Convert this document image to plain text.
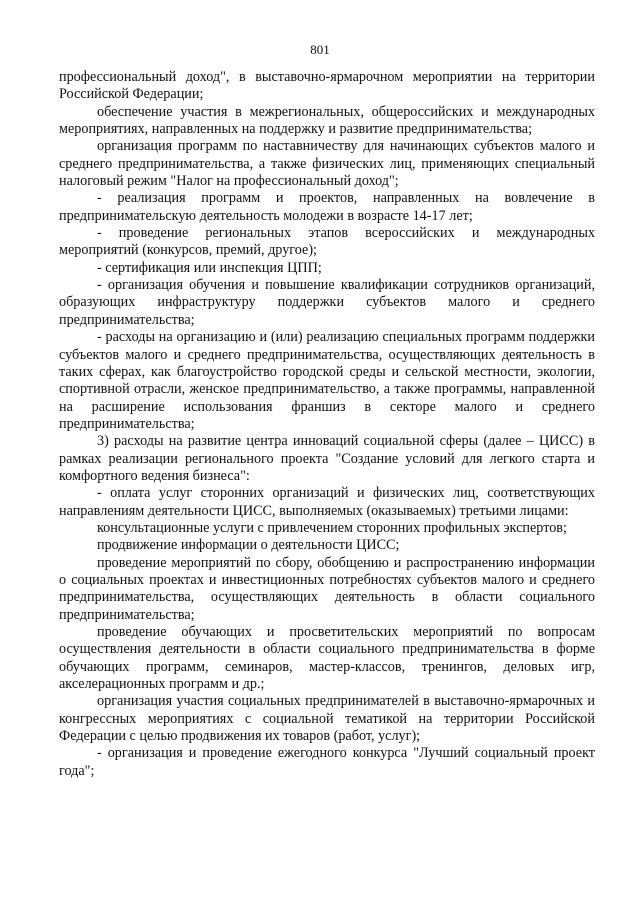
801

профессиональный доход", в выставочно-ярмарочном мероприятии на территории Российской Федерации;

обеспечение участия в межрегиональных, общероссийских и международных мероприятиях, направленных на поддержку и развитие предпринимательства;

организация программ по наставничеству для начинающих субъектов малого и среднего предпринимательства, а также физических лиц, применяющих специальный налоговый режим "Налог на профессиональный доход";

- реализация программ и проектов, направленных на вовлечение в предпринимательскую деятельность молодежи в возрасте 14-17 лет;

- проведение региональных этапов всероссийских и международных мероприятий (конкурсов, премий, другое);

- сертификация или инспекция ЦПП;

- организация обучения и повышение квалификации сотрудников организаций, образующих инфраструктуру поддержки субъектов малого и среднего предпринимательства;

- расходы на организацию и (или) реализацию специальных программ поддержки субъектов малого и среднего предпринимательства, осуществляющих деятельность в таких сферах, как благоустройство городской среды и сельской местности, экологии, спортивной отрасли, женское предпринимательство, а также программы, направленной на расширение использования франшиз в секторе малого и среднего предпринимательства;

3) расходы на развитие центра инноваций социальной сферы (далее – ЦИСС) в рамках реализации регионального проекта "Создание условий для легкого старта и комфортного ведения бизнеса":

- оплата услуг сторонних организаций и физических лиц, соответствующих направлениям деятельности ЦИСС, выполняемых (оказываемых) третьими лицами:

консультационные услуги с привлечением сторонних профильных экспертов;

продвижение информации о деятельности ЦИСС;

проведение мероприятий по сбору, обобщению и распространению информации о социальных проектах и инвестиционных потребностях субъектов малого и среднего предпринимательства, осуществляющих деятельность в области социального предпринимательства;

проведение обучающих и просветительских мероприятий по вопросам осуществления деятельности в области социального предпринимательства в форме обучающих программ, семинаров, мастер-классов, тренингов, деловых игр, акселерационных программ и др.;

организация участия социальных предпринимателей в выставочно-ярмарочных и конгрессных мероприятиях с социальной тематикой на территории Российской Федерации с целью продвижения их товаров (работ, услуг);

- организация и проведение ежегодного конкурса "Лучший социальный проект года";
